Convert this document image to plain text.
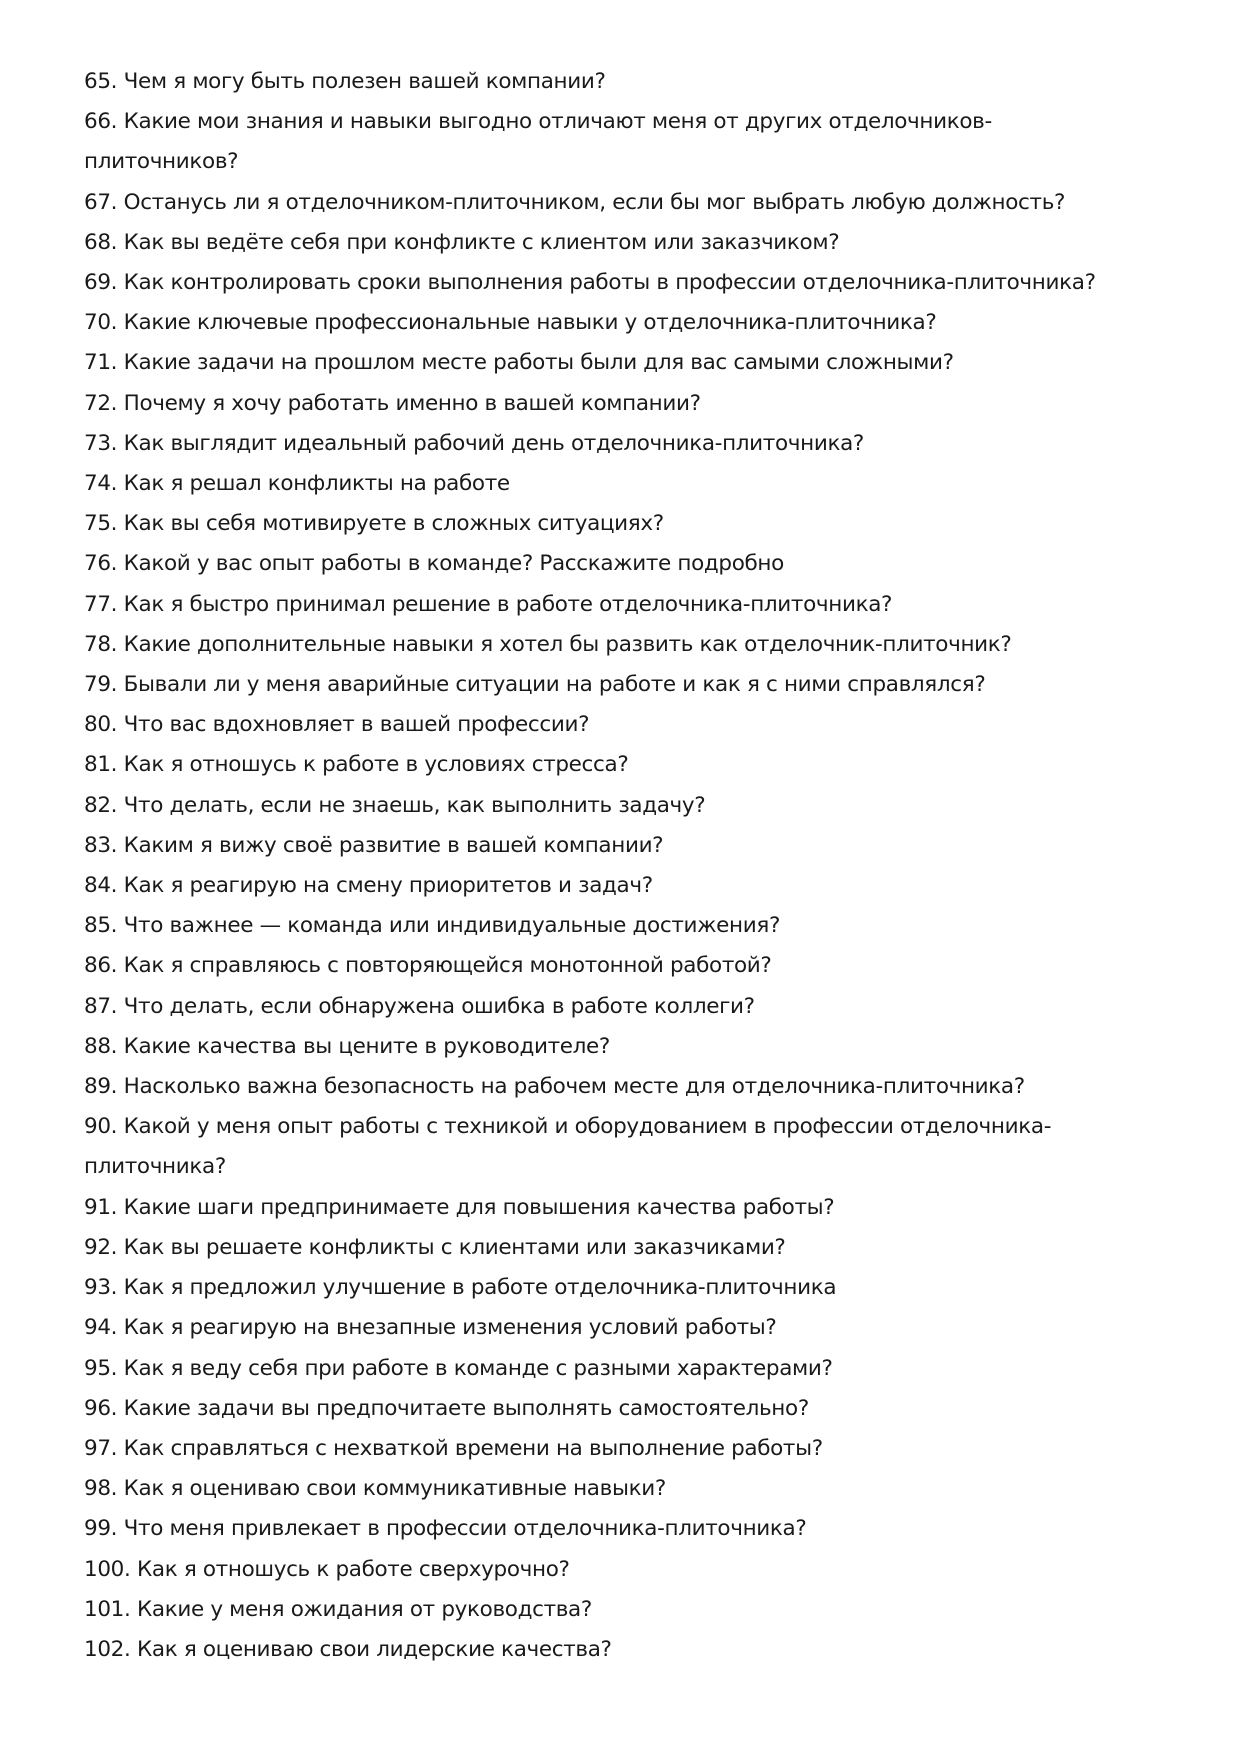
65. Чем я могу быть полезен вашей компании?
66. Какие мои знания и навыки выгодно отличают меня от других отделочников-
плиточников?
67. Останусь ли я отделочником-плиточником, если бы мог выбрать любую должность?
68. Как вы ведёте себя при конфликте с клиентом или заказчиком?
69. Как контролировать сроки выполнения работы в профессии отделочника-плиточника?
70. Какие ключевые профессиональные навыки у отделочника-плиточника?
71. Какие задачи на прошлом месте работы были для вас самыми сложными?
72. Почему я хочу работать именно в вашей компании?
73. Как выглядит идеальный рабочий день отделочника-плиточника?
74. Как я решал конфликты на работе
75. Как вы себя мотивируете в сложных ситуациях?
76. Какой у вас опыт работы в команде? Расскажите подробно
77. Как я быстро принимал решение в работе отделочника-плиточника?
78. Какие дополнительные навыки я хотел бы развить как отделочник-плиточник?
79. Бывали ли у меня аварийные ситуации на работе и как я с ними справлялся?
80. Что вас вдохновляет в вашей профессии?
81. Как я отношусь к работе в условиях стресса?
82. Что делать, если не знаешь, как выполнить задачу?
83. Каким я вижу своё развитие в вашей компании?
84. Как я реагирую на смену приоритетов и задач?
85. Что важнее — команда или индивидуальные достижения?
86. Как я справляюсь с повторяющейся монотонной работой?
87. Что делать, если обнаружена ошибка в работе коллеги?
88. Какие качества вы цените в руководителе?
89. Насколько важна безопасность на рабочем месте для отделочника-плиточника?
90. Какой у меня опыт работы с техникой и оборудованием в профессии отделочника-
плиточника?
91. Какие шаги предпринимаете для повышения качества работы?
92. Как вы решаете конфликты с клиентами или заказчиками?
93. Как я предложил улучшение в работе отделочника-плиточника
94. Как я реагирую на внезапные изменения условий работы?
95. Как я веду себя при работе в команде с разными характерами?
96. Какие задачи вы предпочитаете выполнять самостоятельно?
97. Как справляться с нехваткой времени на выполнение работы?
98. Как я оцениваю свои коммуникативные навыки?
99. Что меня привлекает в профессии отделочника-плиточника?
100. Как я отношусь к работе сверхурочно?
101. Какие у меня ожидания от руководства?
102. Как я оцениваю свои лидерские качества?
